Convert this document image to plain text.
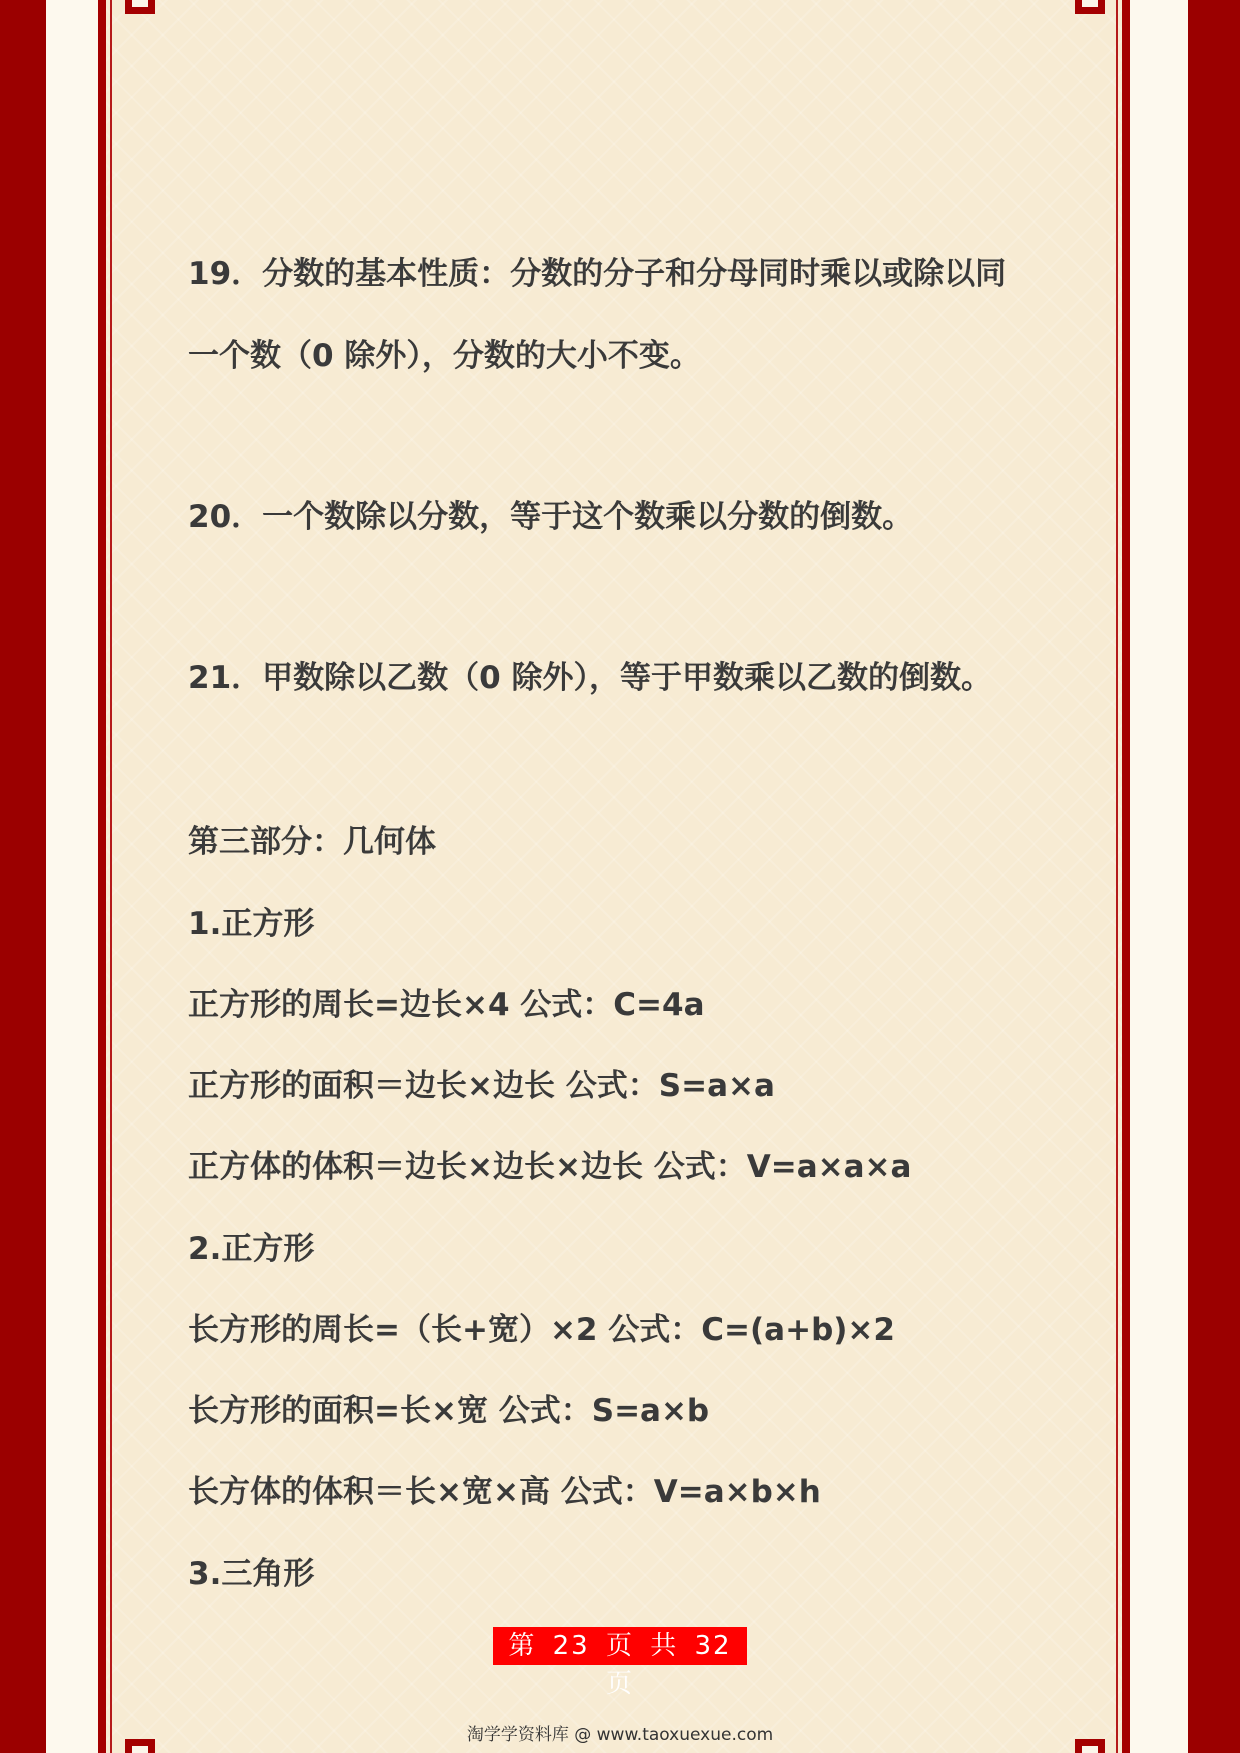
19．分数的基本性质：分数的分子和分母同时乘以或除以同

一个数（0 除外），分数的大小不变。

20．一个数除以分数，等于这个数乘以分数的倒数。

21．甲数除以乙数（0 除外），等于甲数乘以乙数的倒数。

第三部分：几何体

1.正方形

正方形的周长=边长×4 公式：C=4a

正方形的面积＝边长×边长 公式：S=a×a

正方体的体积＝边长×边长×边长 公式：V=a×a×a

2.正方形

长方形的周长=（长+宽）×2 公式：C=(a+b)×2

长方形的面积=长×宽 公式：S=a×b

长方体的体积＝长×宽×高 公式：V=a×b×h

3.三角形

第 23 页 共 32 页
淘学学资料库 @ www.taoxuexue.com
